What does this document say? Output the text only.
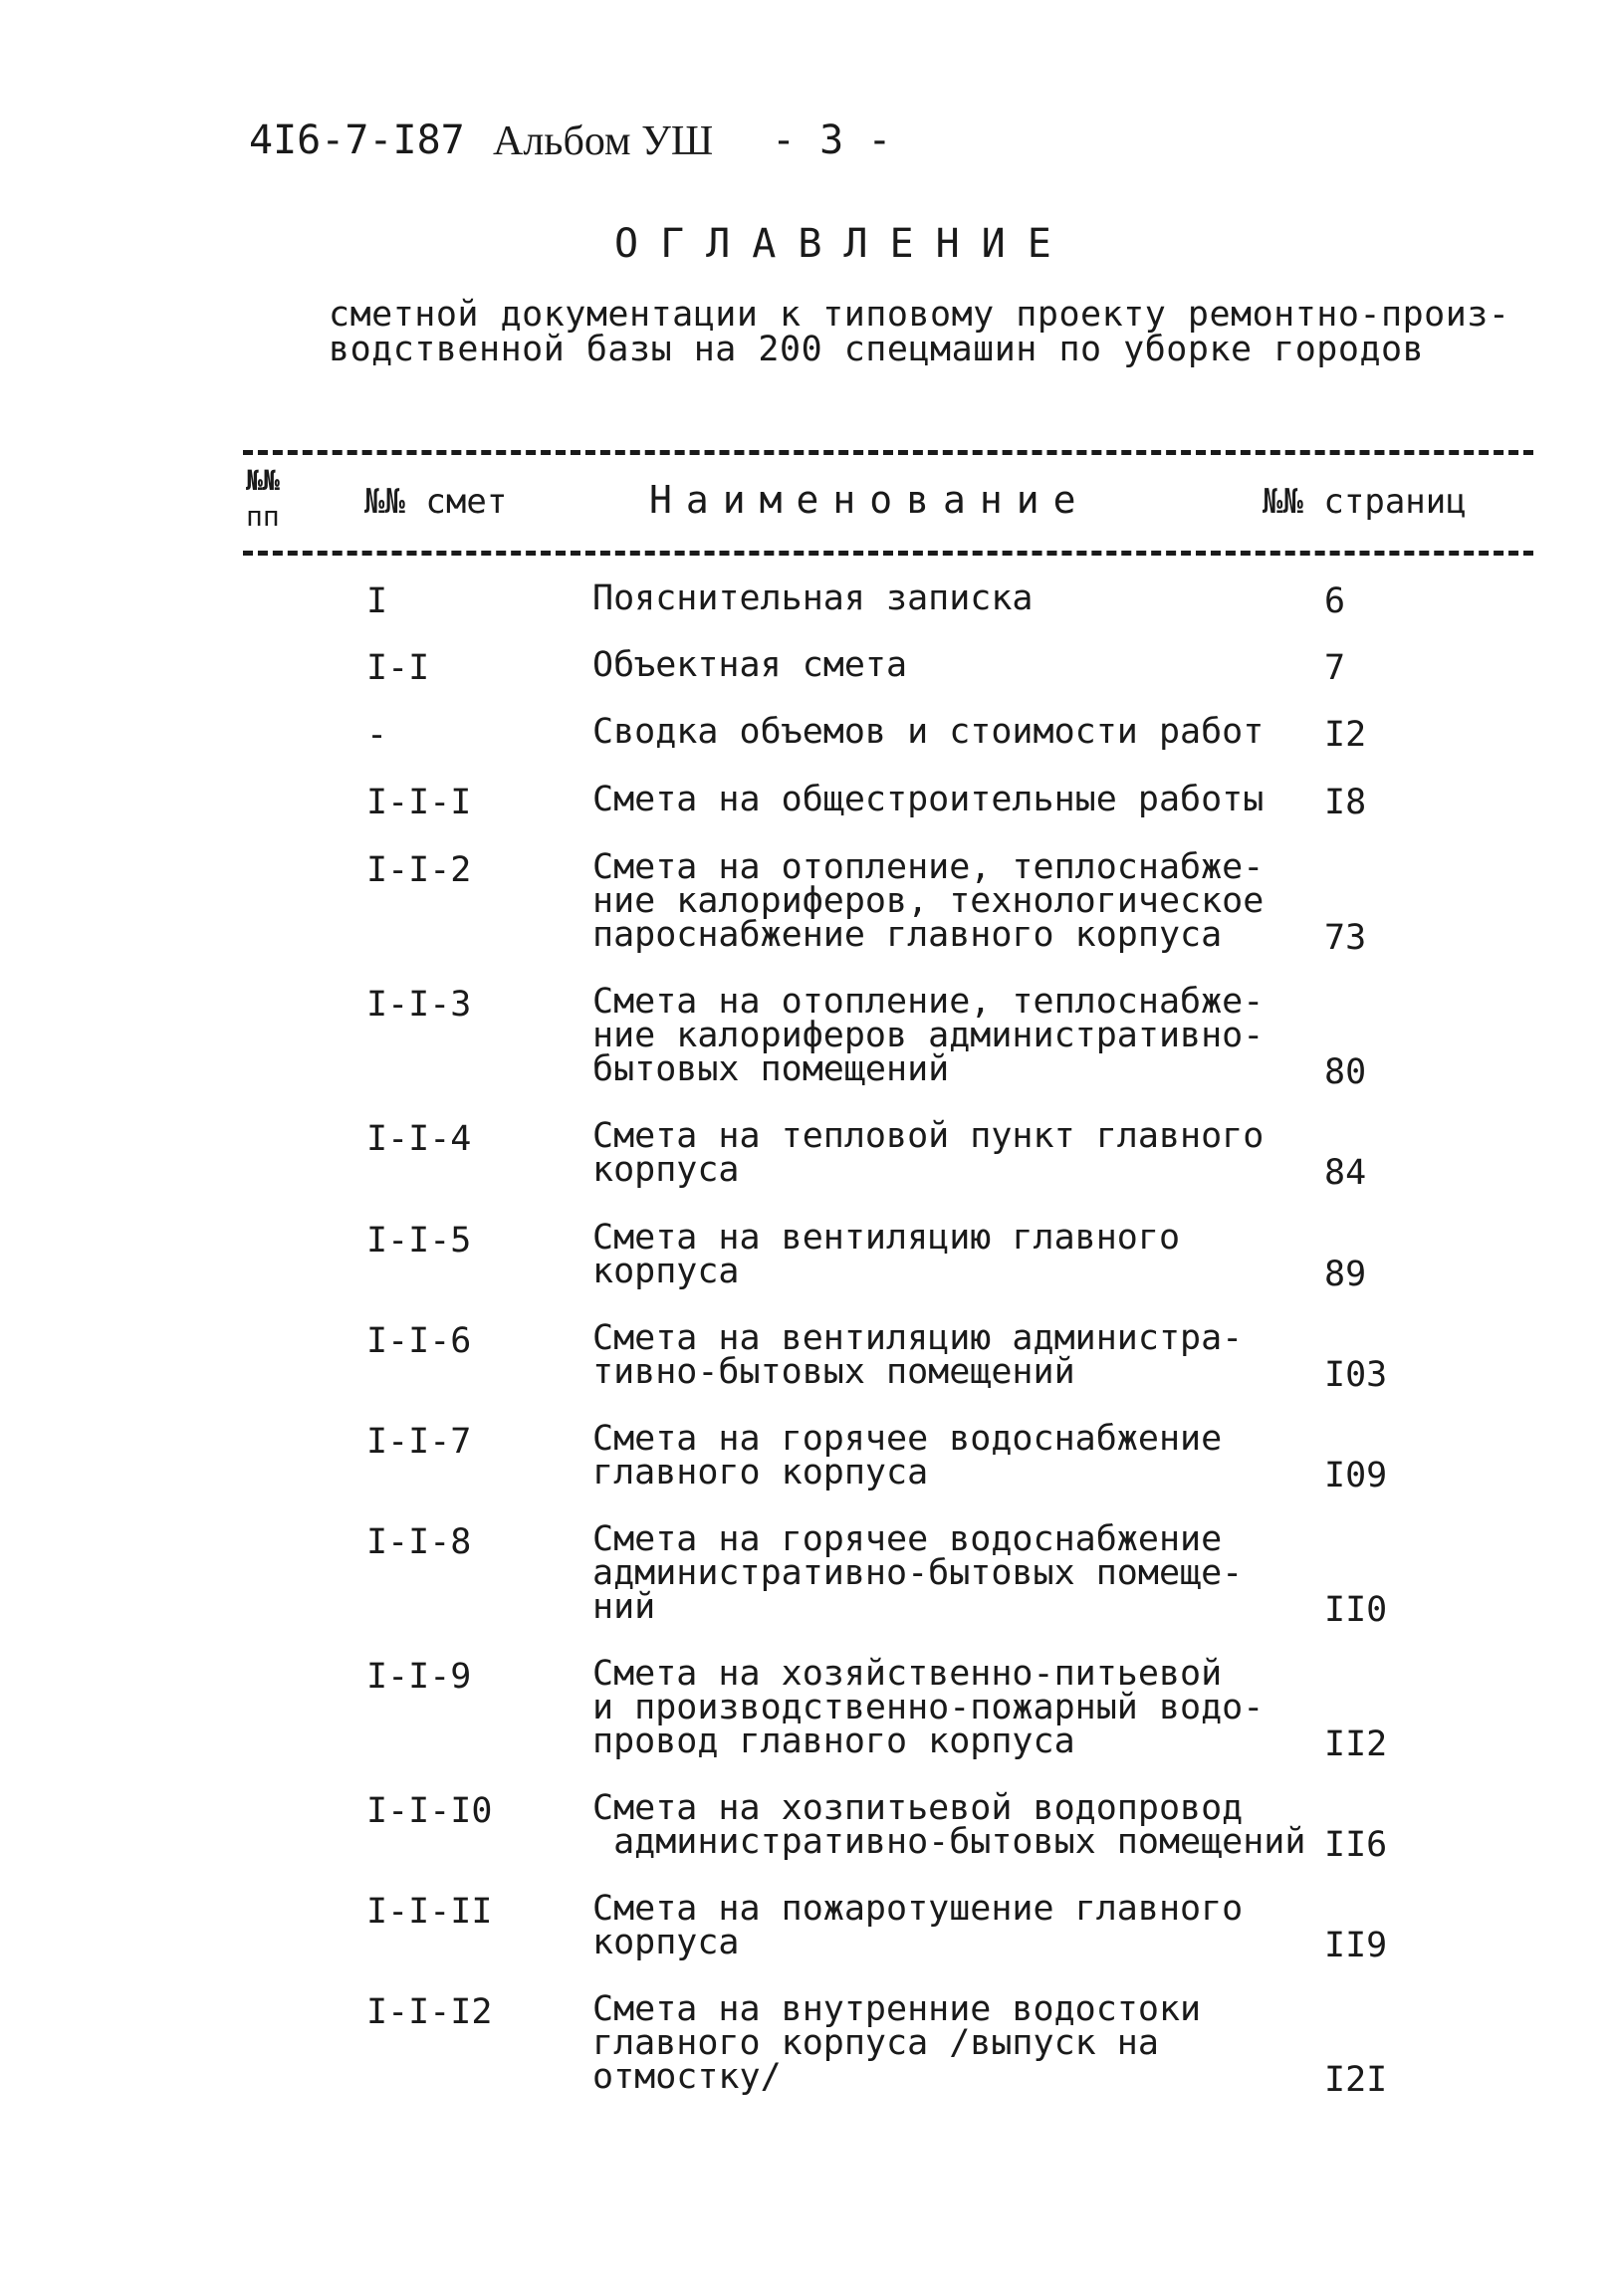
4I6-7-I87 Альбом УШ - 3 -
ОГЛАВЛЕНИЕ
сметной документации к типовому проекту ремонтно-произ-
водственной базы на 200 спецмашин по уборке городов
№№
пп	№№ смет	Наименование	№№ страниц
I	Пояснительная записка	6
I-I	Объектная смета	7
-	Сводка объемов и стоимости работ I2
I-I-I	Смета на общестроительные работы I8
I-I-2	Смета на отопление, теплоснабже-
ние калориферов, технологическое
пароснабжение главного корпуса	73
I-I-3	Смета на отопление, теплоснабже-
ние калориферов административно-
бытовых помещений	80
I-I-4	Смета на тепловой пункт главного
корпуса	84
I-I-5	Смета на вентиляцию главного
корпуса	89
I-I-6	Смета на вентиляцию администра-
тивно-бытовых помещений	I03
I-I-7	Смета на горячее водоснабжение
главного корпуса	I09
I-I-8	Смета на горячее водоснабжение
административно-бытовых помеще-
ний	II0
I-I-9	Смета на хозяйственно-питьевой
и производственно-пожарный водо-
провод главного корпуса	II2
I-I-I0	Смета на хозпитьевой водопровод
административно-бытовых помещений II6
I-I-II	Смета на пожаротушение главного
корпуса	II9
I-I-I2	Смета на внутренние водостоки
главного корпуса /выпуск на
отмостку/	I2I
